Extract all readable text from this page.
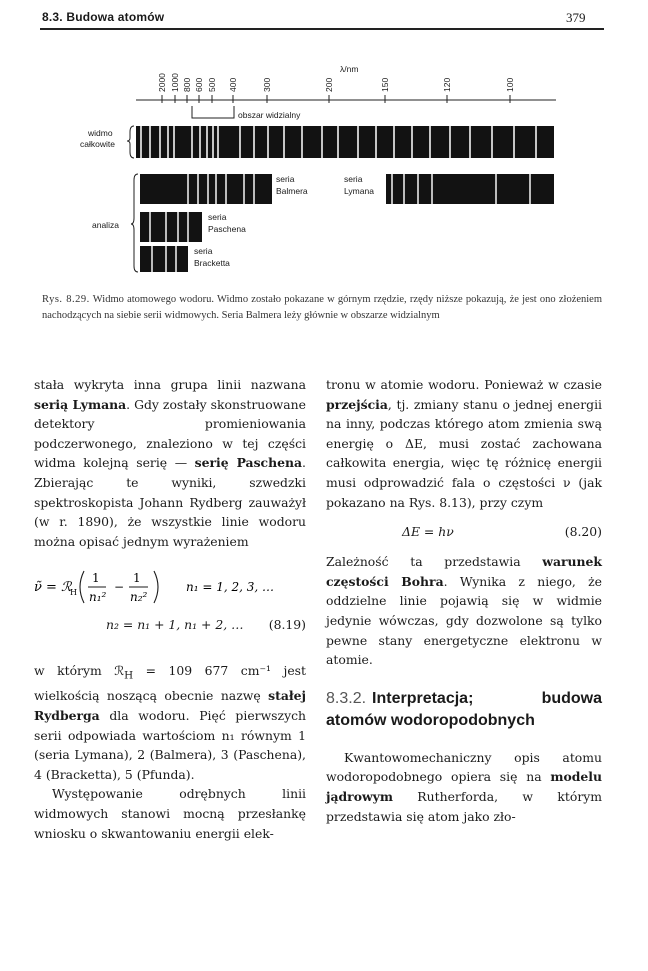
8.3. Budowa atomów	379
λ/nm
2000 1000 800 600 500 400	300	200	150	120	100
obszar widzialny
widmo
całkowite
analiza
seria
Balmera
seria
Lymana
seria
Paschena
seria
Bracketta
Rys. 8.29. Widmo atomowego wodoru. Widmo zostało pokazane w górnym rzędzie, rzędy niższe pokazują, że jest ono złożeniem nachodzących na siebie serii widmowych. Seria Balmera leży głównie w obszarze widzialnym

stała wykryta inna grupa linii nazwana serią Lymana. Gdy zostały skonstruowane detektory promieniowania podczerwonego, znaleziono w tej części widma kolejną serię — serię Paschena. Zbierając te wyniki, szwedzki spektroskopista Johann Rydberg zauważył (w r. 1890), że wszystkie linie wodoru można opisać jednym wyrażeniem

ν̃ = ℛ
H
1
n₁²
−
1
n₂²
n₁ = 1, 2, 3, …
n₂ = n₁ + 1, n₁ + 2, … (8.19)

w którym ℛ$_H$ = 109 677 cm⁻¹ jest wielkością noszącą obecnie nazwę stałej Rydberga dla wodoru. Pięć pierwszych serii odpowiada wartościom n₁ równym 1 (seria Lymana), 2 (Balmera), 3 (Paschena), 4 (Bracketta), 5 (Pfunda).

Występowanie odrębnych linii widmowych stanowi mocną przesłankę wniosku o skwantowaniu energii elek-

tronu w atomie wodoru. Ponieważ w czasie przejścia, tj. zmiany stanu o jednej energii na inny, podczas którego atom zmienia swą energię o ΔE, musi zostać zachowana całkowita energia, więc tę różnicę energii musi odprowadzić fala o częstości ν (jak pokazano na Rys. 8.13), przy czym

ΔE = hν	(8.20)

Zależność ta przedstawia warunek częstości Bohra. Wynika z niego, że oddzielne linie pojawią się w widmie jedynie wówczas, gdy dozwolone są tylko pewne stany energetyczne elektronu w atomie.

8.3.2. Interpretacja; budowa atomów wodoropodobnych

Kwantowomechaniczny opis atomu wodoropodobnego opiera się na modelu jądrowym Rutherforda, w którym przedstawia się atom jako zło-
